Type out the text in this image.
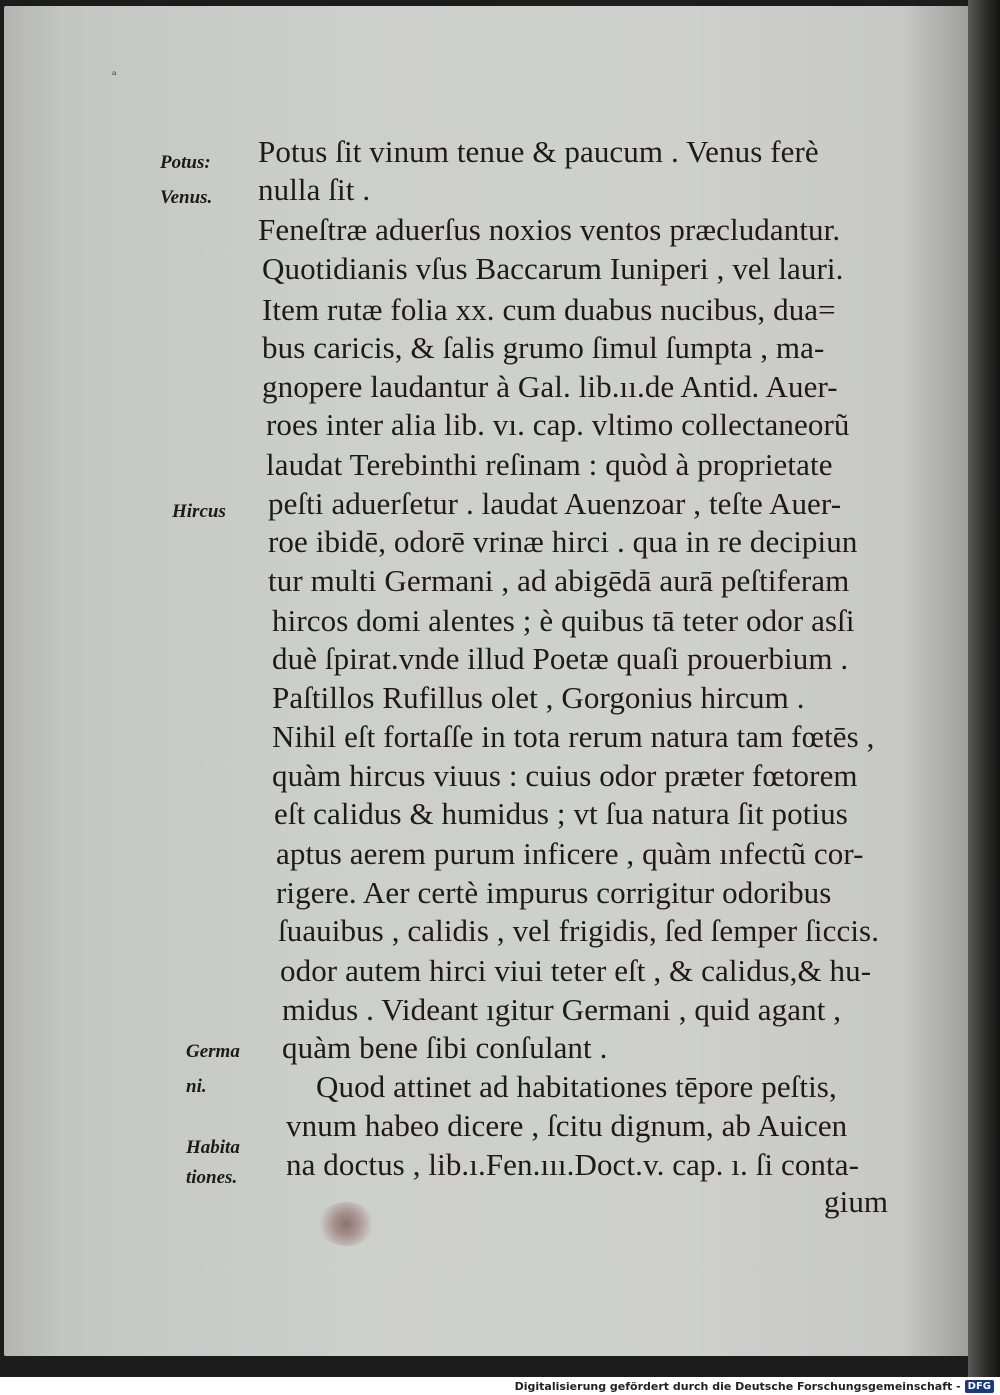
ᵃ
Potus:
Venus.
Hircus
Germa
ni.
Habita
tiones.
Potus ſit vinum tenue & paucum . Venus ferè
nulla ſit .
Feneſtræ aduerſus noxios ventos præcludantur.
Quotidianis vſus Baccarum Iuniperi , vel lauri.
Item rutæ folia xx. cum duabus nucibus, dua=
bus caricis, & ſalis grumo ſimul ſumpta , ma-
gnopere laudantur à Gal. lib.ıı.de Antid. Auer-
roes inter alia lib. vı. cap. vltimo collectaneorũ
laudat Terebinthi reſinam : quòd à proprietate
peſti aduerſetur . laudat Auenzoar , teſte Auer-
roe ibidē, odorē vrinæ hirci . qua in re decipiun
tur multi Germani , ad abigēdā aurā peſtiferam
hircos domi alentes ; è quibus tā teter odor asſi
duè ſpirat.vnde illud Poetæ quaſi prouerbium .
Paſtillos Rufillus olet , Gorgonius hircum .
Nihil eſt fortaſſe in tota rerum natura tam fœtēs ,
quàm hircus viuus : cuius odor præter fœtorem
eſt calidus & humidus ; vt ſua natura ſit potius
aptus aerem purum inficere , quàm ınfectũ cor-
rigere. Aer certè impurus corrigitur odoribus
ſuauibus , calidis , vel frigidis, ſed ſemper ſiccis.
odor autem hirci viui teter eſt , & calidus,& hu-
midus . Videant ıgitur Germani , quid agant ,
quàm bene ſibi conſulant .
Quod attinet ad habitationes tēpore peſtis,
vnum habeo dicere , ſcitu dignum, ab Auicen
na doctus , lib.ı.Fen.ııı.Doct.v. cap. ı. ſi conta-
gium
Digitalisierung gefördert durch die Deutsche Forschungsgemeinschaft - DFG
